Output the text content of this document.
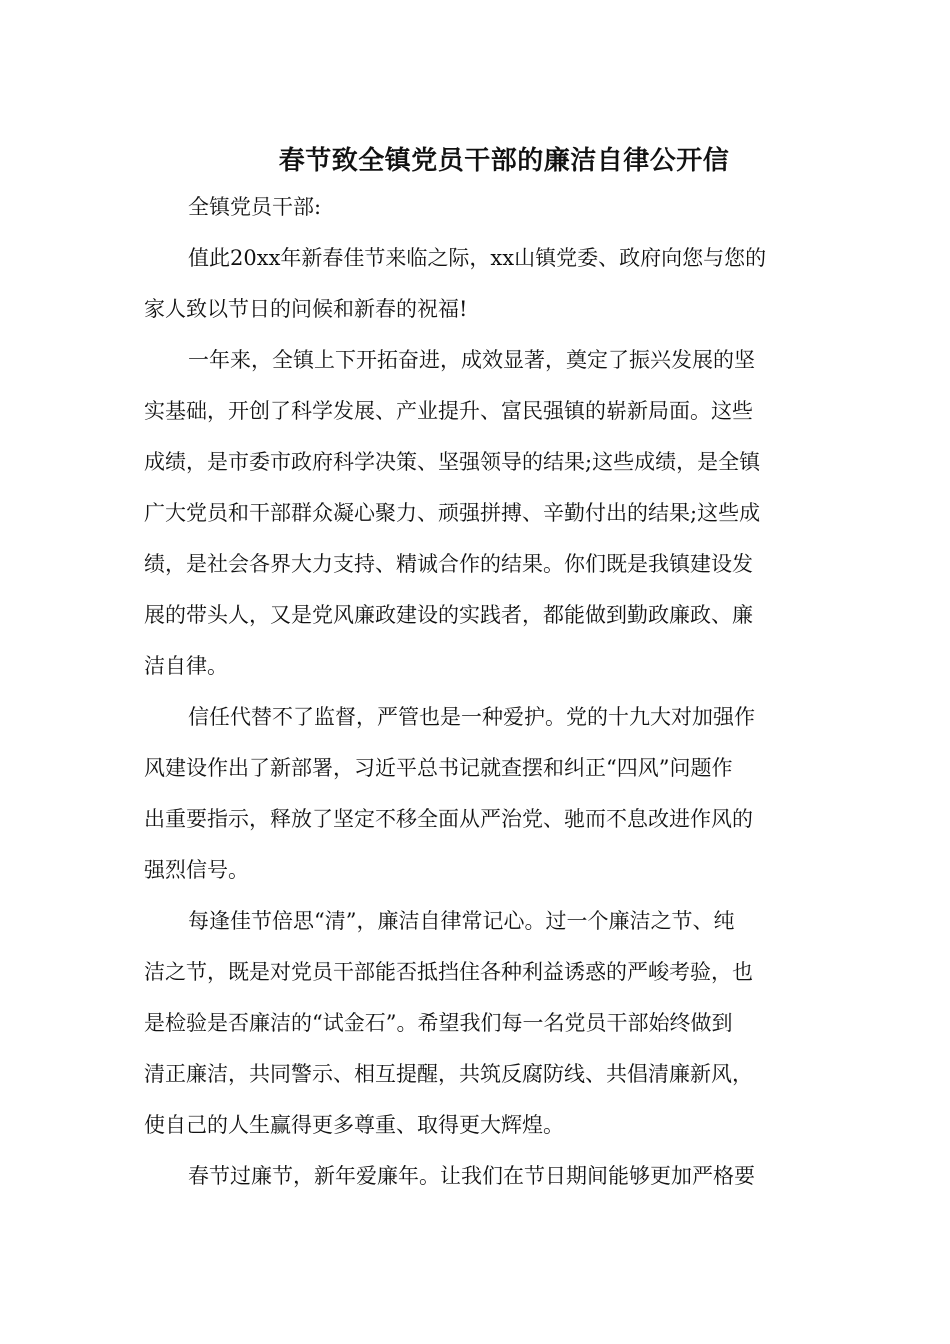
春节致全镇党员干部的廉洁自律公开信

全镇党员干部:

值此20xx年新春佳节来临之际，xx山镇党委、政府向您与您的
家人致以节日的问候和新春的祝福!

一年来，全镇上下开拓奋进，成效显著，奠定了振兴发展的坚
实基础，开创了科学发展、产业提升、富民强镇的崭新局面。这些
成绩，是市委市政府科学决策、坚强领导的结果;这些成绩，是全镇
广大党员和干部群众凝心聚力、顽强拼搏、辛勤付出的结果;这些成
绩，是社会各界大力支持、精诚合作的结果。你们既是我镇建设发
展的带头人，又是党风廉政建设的实践者，都能做到勤政廉政、廉
洁自律。

信任代替不了监督，严管也是一种爱护。党的十九大对加强作
风建设作出了新部署，习近平总书记就查摆和纠正“四风”问题作
出重要指示，释放了坚定不移全面从严治党、驰而不息改进作风的
强烈信号。

每逢佳节倍思“清”，廉洁自律常记心。过一个廉洁之节、纯
洁之节，既是对党员干部能否抵挡住各种利益诱惑的严峻考验，也
是检验是否廉洁的“试金石”。希望我们每一名党员干部始终做到
清正廉洁，共同警示、相互提醒，共筑反腐防线、共倡清廉新风，
使自己的人生赢得更多尊重、取得更大辉煌。

春节过廉节，新年爱廉年。让我们在节日期间能够更加严格要
